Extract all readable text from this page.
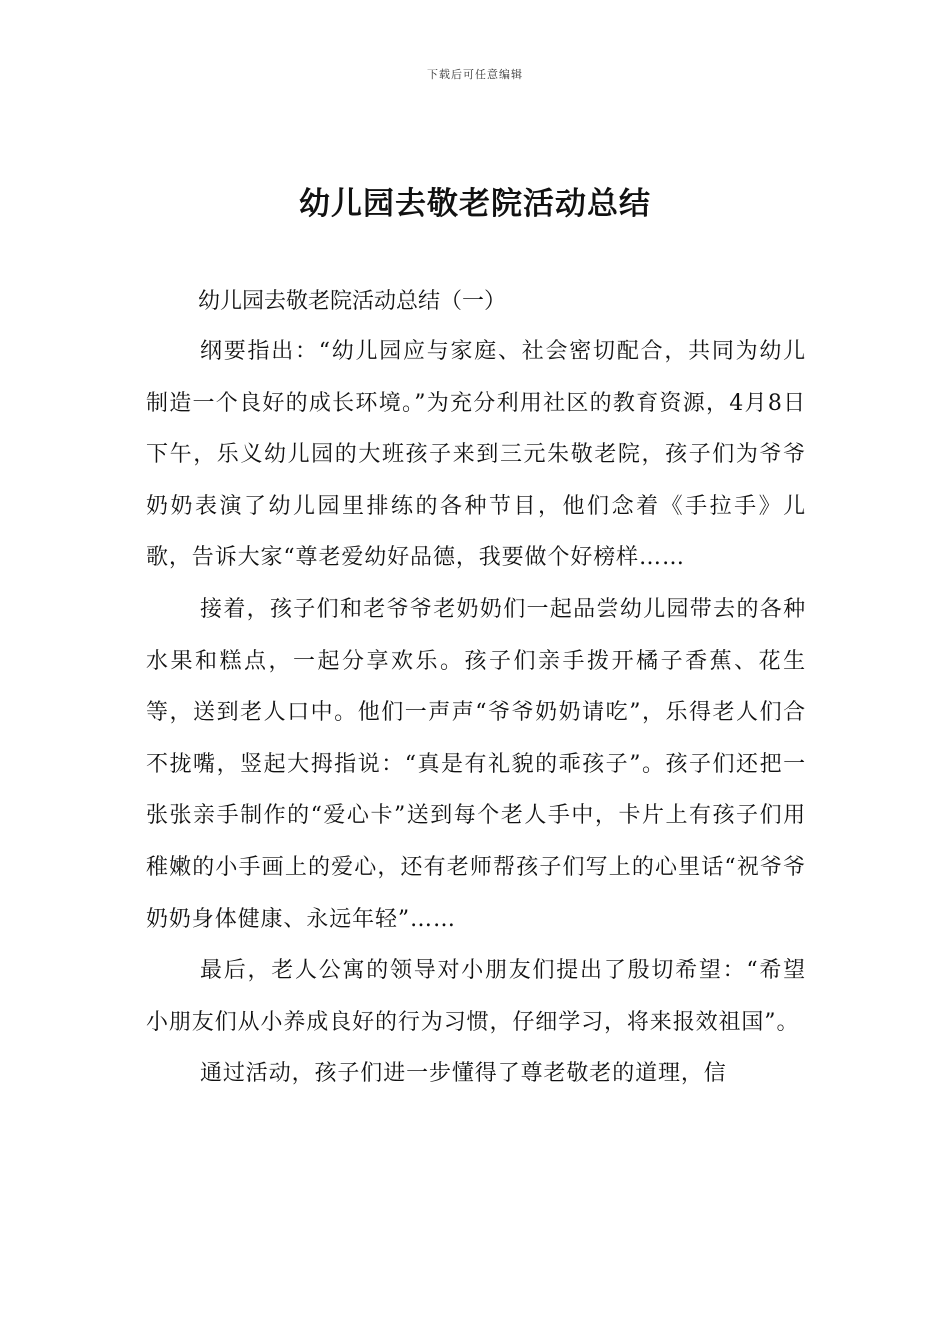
下载后可任意编辑
幼儿园去敬老院活动总结

幼儿园去敬老院活动总结（一）

纲要指出：“幼儿园应与家庭、社会密切配合，共同为幼儿制造一个良好的成长环境。”为充分利用社区的教育资源，4月8日下午，乐义幼儿园的大班孩子来到三元朱敬老院，孩子们为爷爷奶奶表演了幼儿园里排练的各种节目，他们念着《手拉手》儿歌，告诉大家“尊老爱幼好品德，我要做个好榜样……

接着，孩子们和老爷爷老奶奶们一起品尝幼儿园带去的各种水果和糕点，一起分享欢乐。孩子们亲手拨开橘子香蕉、花生等，送到老人口中。他们一声声“爷爷奶奶请吃”，乐得老人们合不拢嘴，竖起大拇指说：“真是有礼貌的乖孩子”。孩子们还把一张张亲手制作的“爱心卡”送到每个老人手中，卡片上有孩子们用稚嫩的小手画上的爱心，还有老师帮孩子们写上的心里话“祝爷爷奶奶身体健康、永远年轻”……

最后，老人公寓的领导对小朋友们提出了殷切希望：“希望小朋友们从小养成良好的行为习惯，仔细学习，将来报效祖国”。

通过活动，孩子们进一步懂得了尊老敬老的道理，信
